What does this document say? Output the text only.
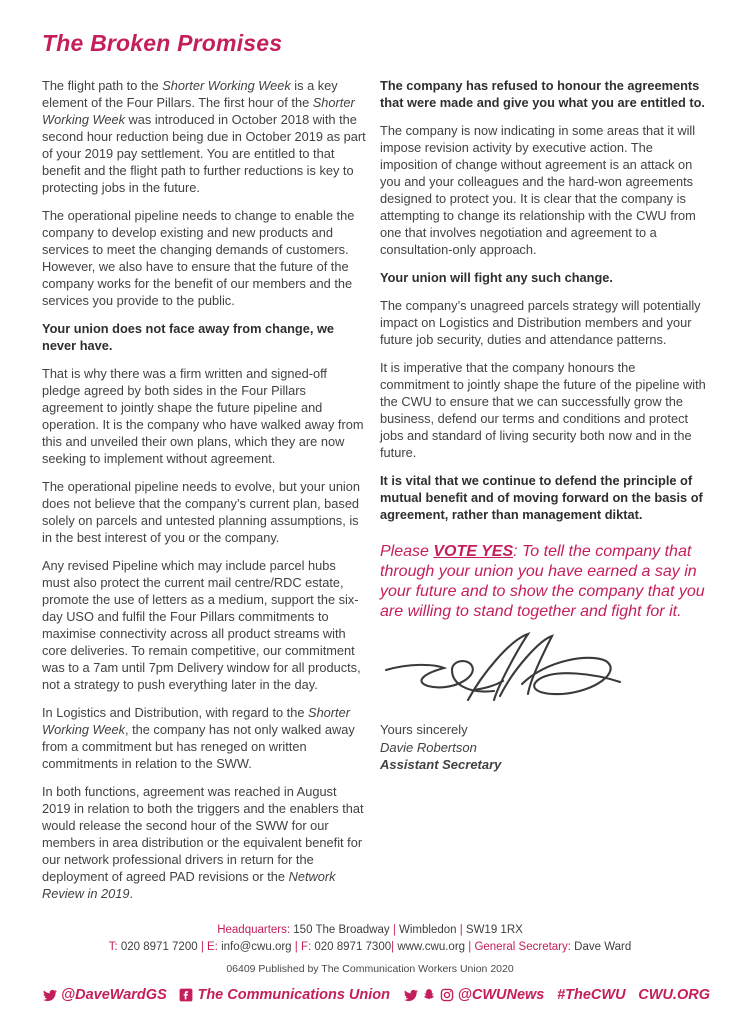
The Broken Promises

The flight path to the Shorter Working Week is a key element of the Four Pillars. The first hour of the Shorter Working Week was introduced in October 2018 with the second hour reduction being due in October 2019 as part of your 2019 pay settlement. You are entitled to that benefit and the flight path to further reductions is key to protecting jobs in the future.

The operational pipeline needs to change to enable the company to develop existing and new products and services to meet the changing demands of customers. However, we also have to ensure that the future of the company works for the benefit of our members and the services you provide to the public.

Your union does not face away from change, we never have.

That is why there was a firm written and signed-off pledge agreed by both sides in the Four Pillars agreement to jointly shape the future pipeline and operation. It is the company who have walked away from this and unveiled their own plans, which they are now seeking to implement without agreement.

The operational pipeline needs to evolve, but your union does not believe that the company’s current plan, based solely on parcels and untested planning assumptions, is in the best interest of you or the company.

Any revised Pipeline which may include parcel hubs must also protect the current mail centre/RDC estate, promote the use of letters as a medium, support the six-day USO and fulfil the Four Pillars commitments to maximise connectivity across all product streams with core deliveries. To remain competitive, our commitment was to a 7am until 7pm Delivery window for all products, not a strategy to push everything later in the day.

In Logistics and Distribution, with regard to the Shorter Working Week, the company has not only walked away from a commitment but has reneged on written commitments in relation to the SWW.

In both functions, agreement was reached in August 2019 in relation to both the triggers and the enablers that would release the second hour of the SWW for our members in area distribution or the equivalent benefit for our network professional drivers in return for the deployment of agreed PAD revisions or the Network Review in 2019.

The company has refused to honour the agreements that were made and give you what you are entitled to.

The company is now indicating in some areas that it will impose revision activity by executive action. The imposition of change without agreement is an attack on you and your colleagues and the hard-won agreements designed to protect you. It is clear that the company is attempting to change its relationship with the CWU from one that involves negotiation and agreement to a consultation-only approach.

Your union will fight any such change.

The company’s unagreed parcels strategy will potentially impact on Logistics and Distribution members and your future job security, duties and attendance patterns.

It is imperative that the company honours the commitment to jointly shape the future of the pipeline with the CWU to ensure that we can successfully grow the business, defend our terms and conditions and protect jobs and standard of living security both now and in the future.

It is vital that we continue to defend the principle of mutual benefit and of moving forward on the basis of agreement, rather than management diktat.

Please VOTE YES: To tell the company that through your union you have earned a say in your future and to show the company that you are willing to stand together and fight for it.

Yours sincerely
Davie Robertson
Assistant Secretary
Headquarters: 150 The Broadway | Wimbledon | SW19 1RX
T: 020 8971 7200 | E: info@cwu.org | F: 020 8971 7300| www.cwu.org | General Secretary: Dave Ward
06409 Published by The Communication Workers Union 2020
@DaveWardGS The Communications Union	@CWUNews #TheCWU CWU.ORG
